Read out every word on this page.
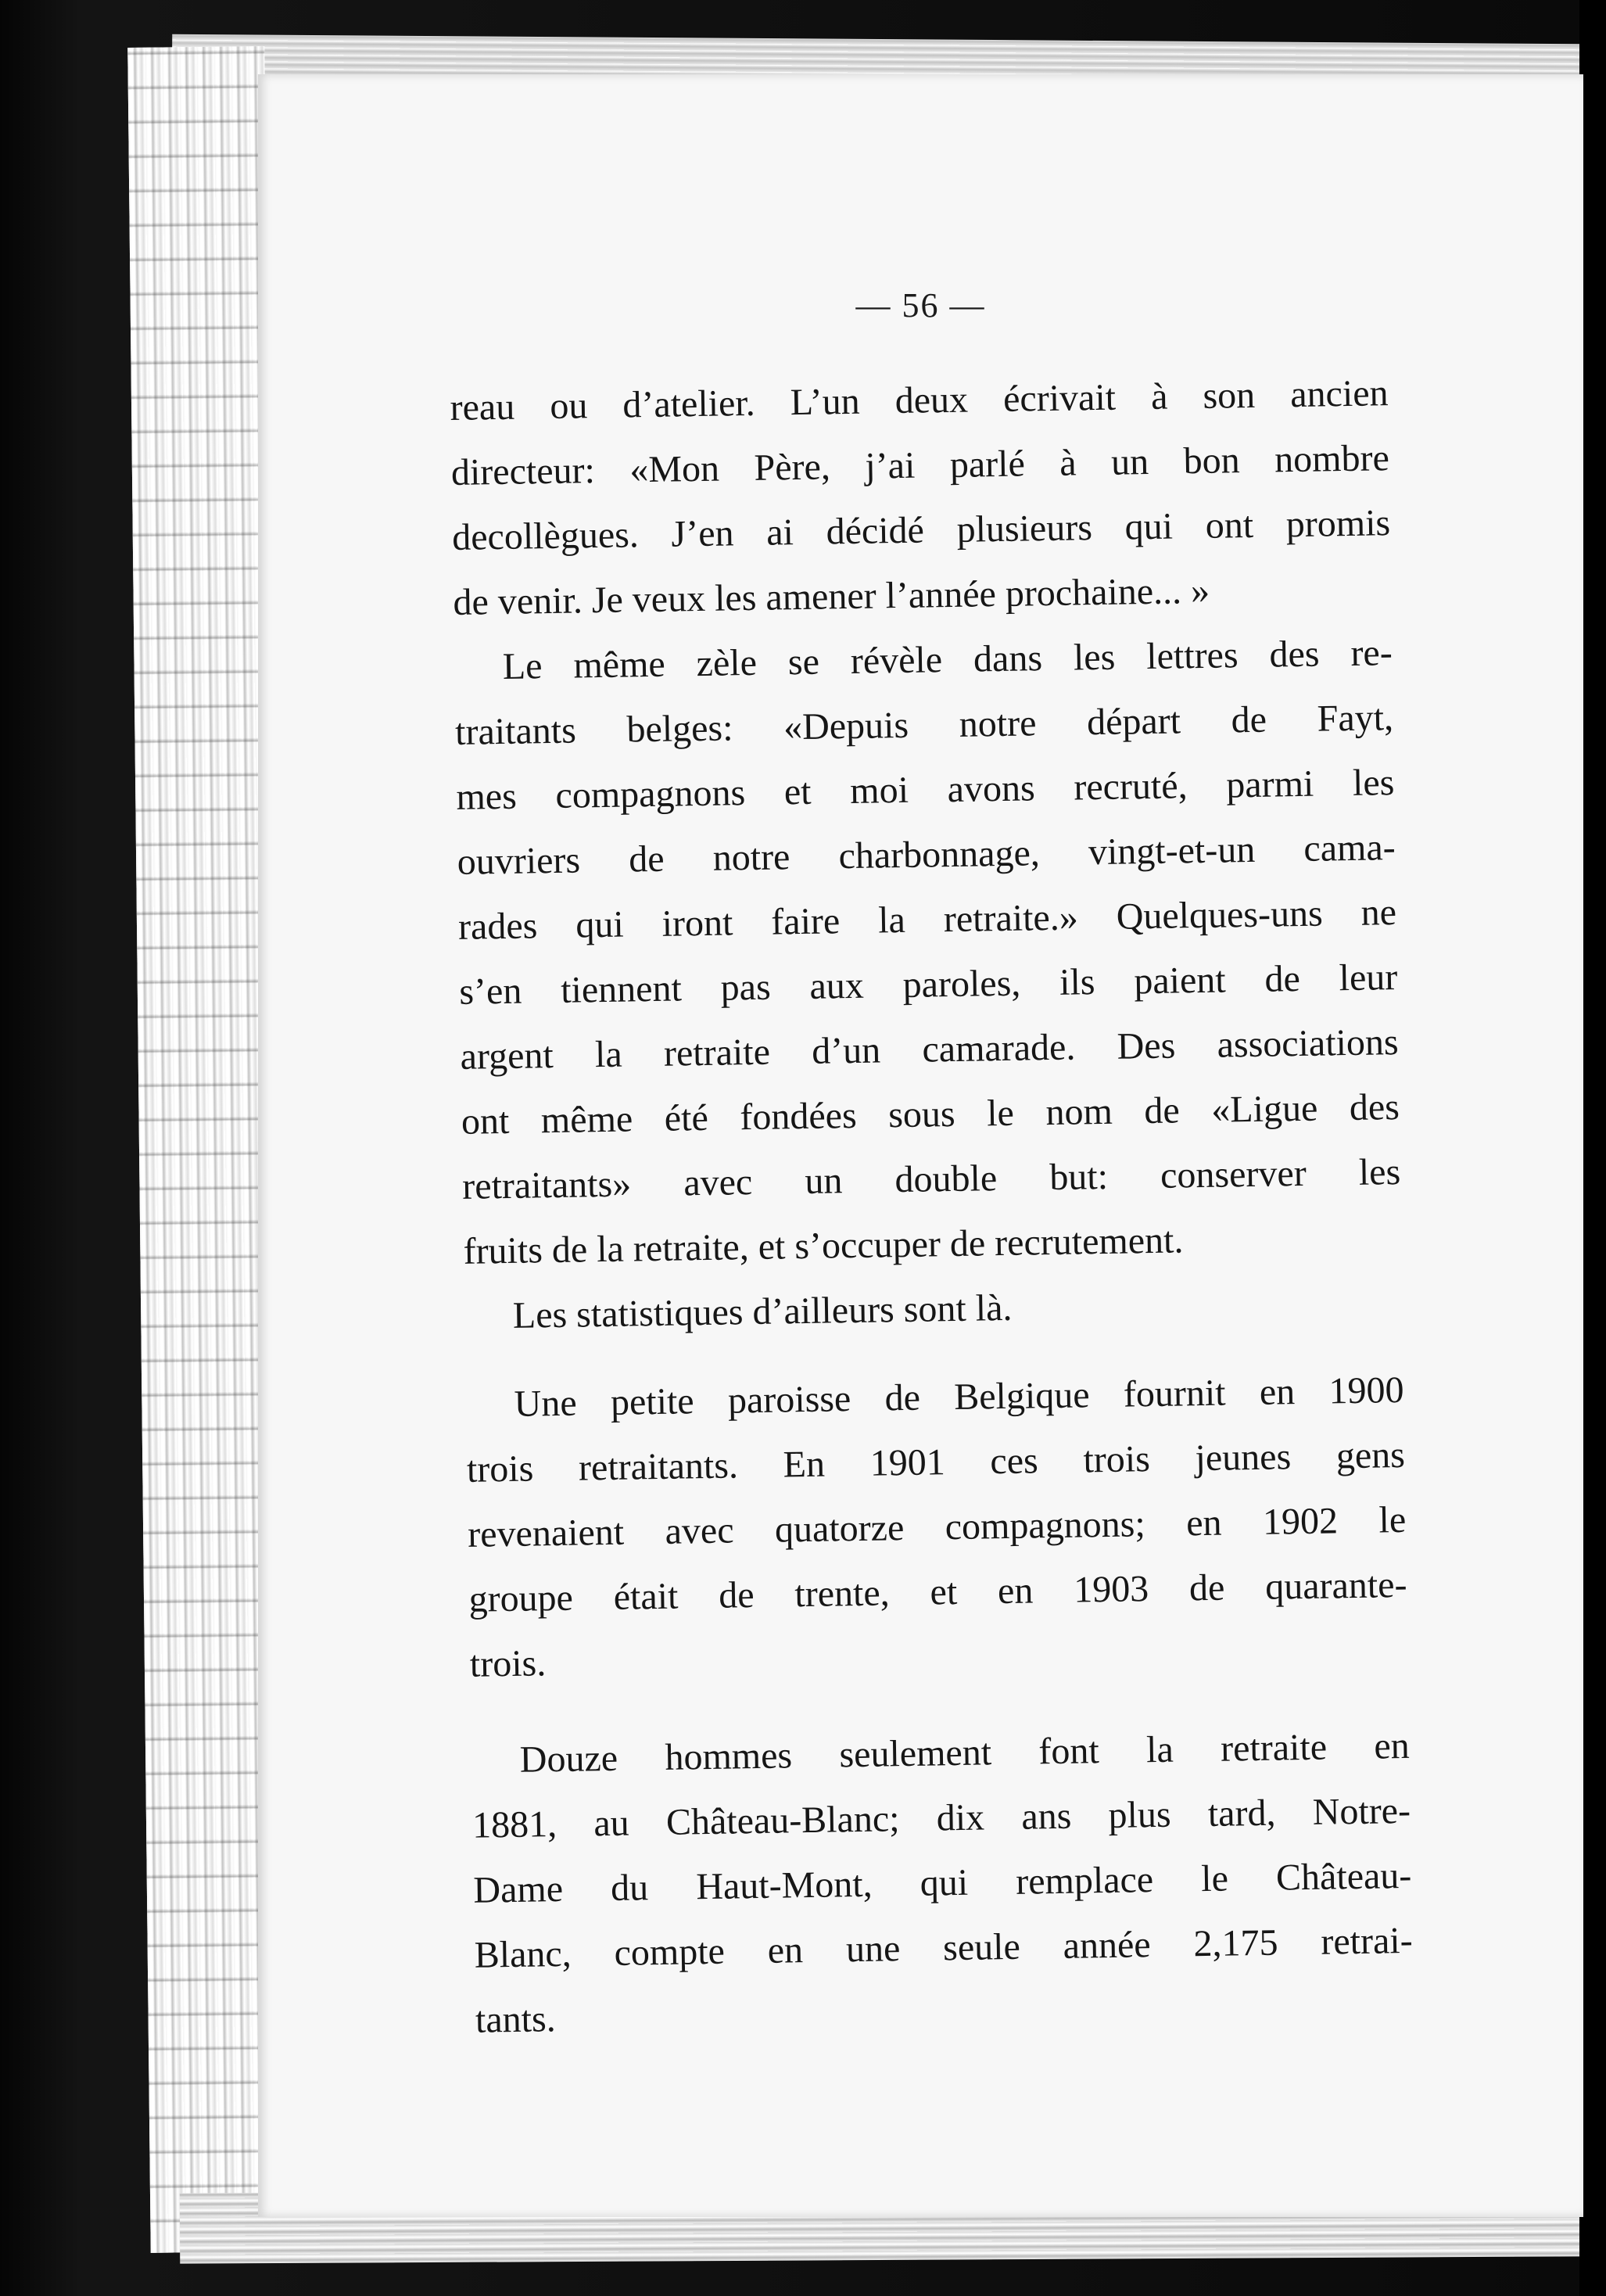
— 56 —

reau ou d’atelier. L’un deux écrivait à son ancien
directeur: «Mon Père, j’ai parlé à un bon nombre
decollègues. J’en ai décidé plusieurs qui ont promis
de venir. Je veux les amener l’année prochaine... »

Le même zèle se révèle dans les lettres des re-
traitants belges: «Depuis notre départ de Fayt,
mes compagnons et moi avons recruté, parmi les
ouvriers de notre charbonnage, vingt-et-un cama-
rades qui iront faire la retraite.» Quelques-uns ne
s’en tiennent pas aux paroles, ils paient de leur
argent la retraite d’un camarade. Des associations
ont même été fondées sous le nom de «Ligue des
retraitants» avec un double but: conserver les
fruits de la retraite, et s’occuper de recrutement.

Les statistiques d’ailleurs sont là.

Une petite paroisse de Belgique fournit en 1900
trois retraitants. En 1901 ces trois jeunes gens
revenaient avec quatorze compagnons; en 1902 le
groupe était de trente, et en 1903 de quarante-
trois.

Douze hommes seulement font la retraite en
1881, au Château-Blanc; dix ans plus tard, Notre-
Dame du Haut-Mont, qui remplace le Château-
Blanc, compte en une seule année 2,175 retrai-
tants.
